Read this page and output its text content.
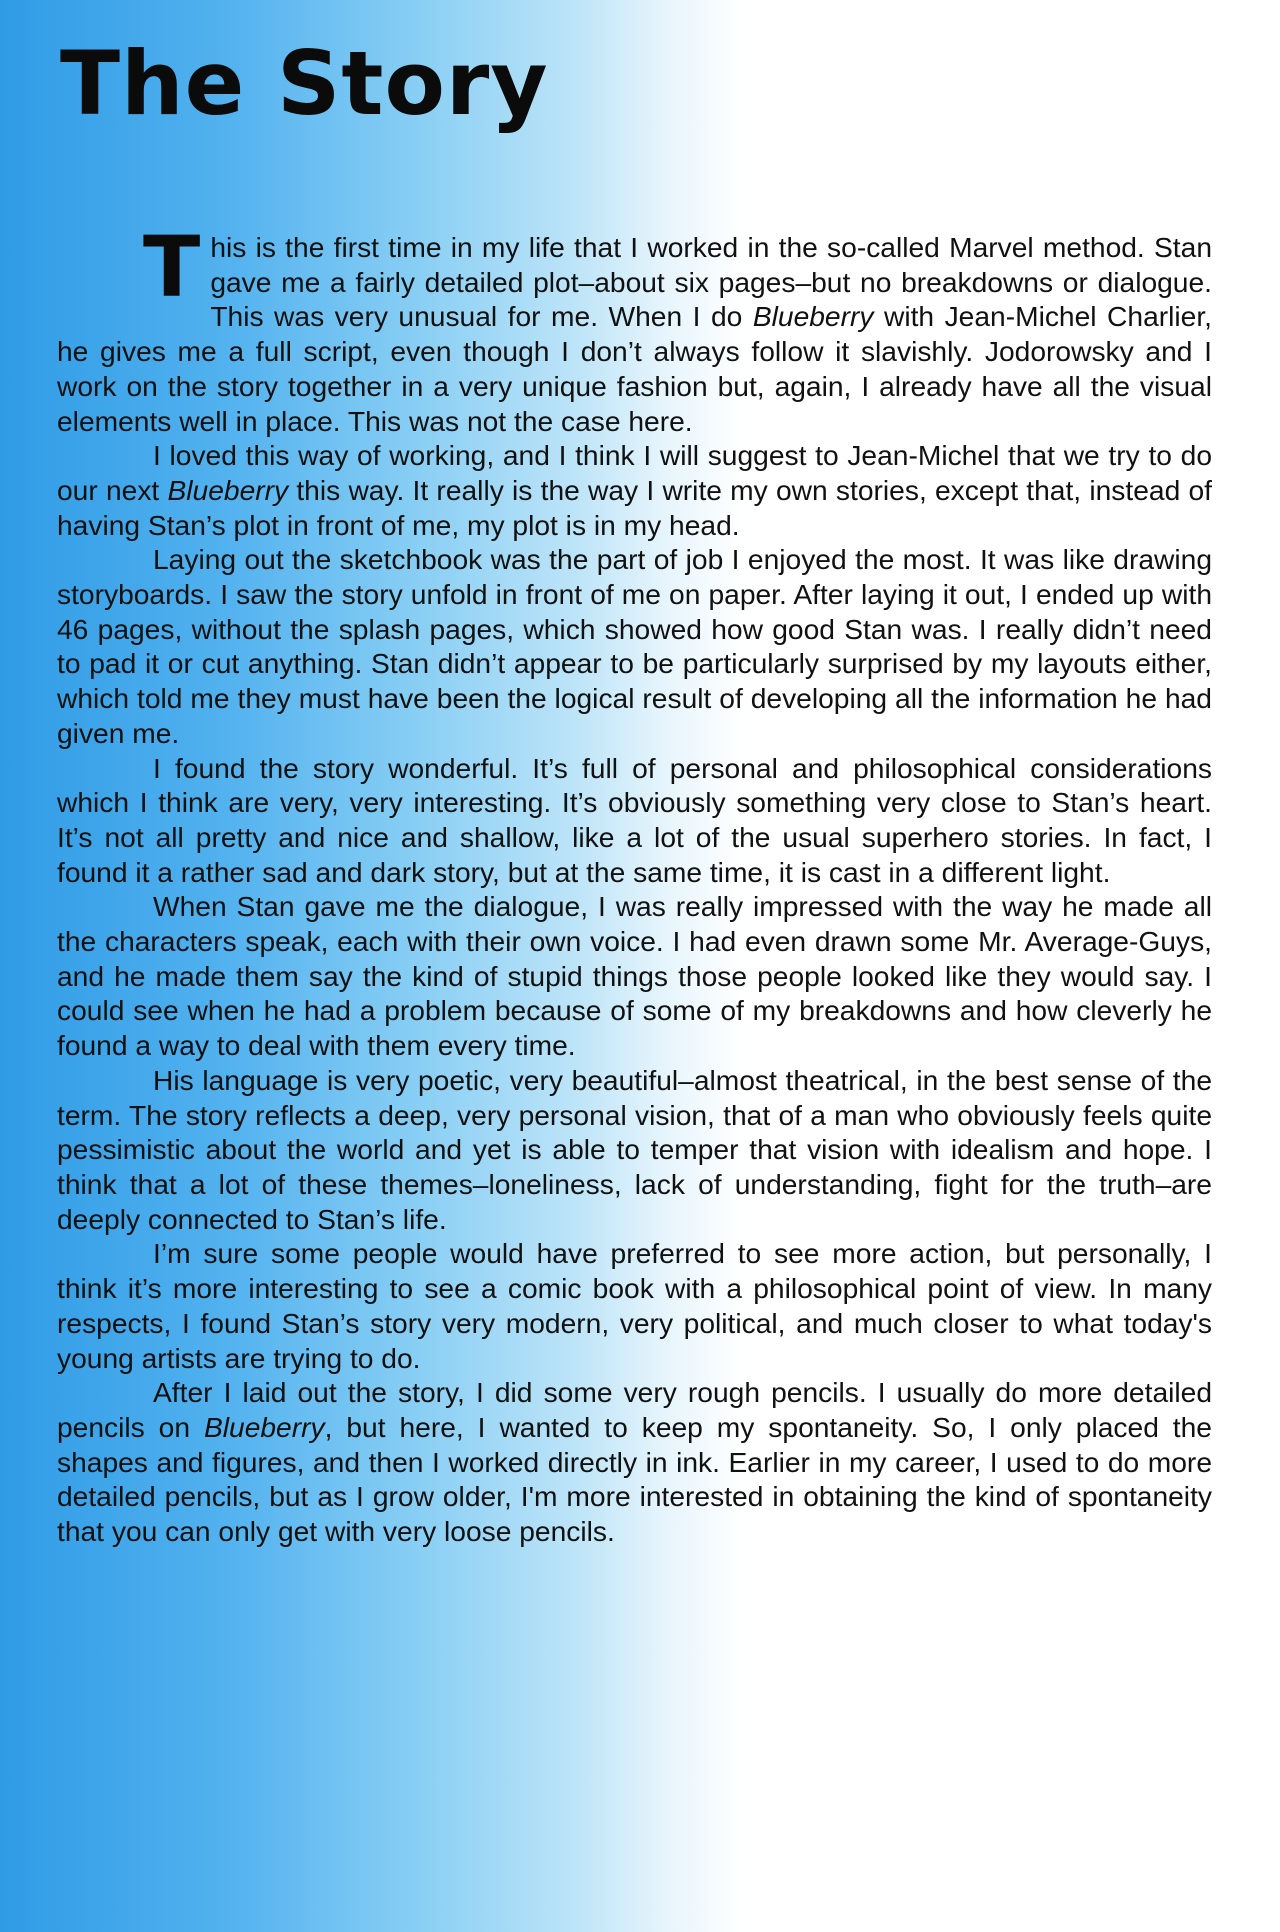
The Story

This is the first time in my life that I worked in the so-called Marvel method. Stan gave me a fairly detailed plot–about six pages–but no breakdowns or dialogue. This was very unusual for me. When I do Blueberry with Jean-Michel Charlier, he gives me a full script, even though I don’t always follow it slavishly. Jodorowsky and I work on the story together in a very unique fashion but, again, I already have all the visual elements well in place. This was not the case here.

I loved this way of working, and I think I will suggest to Jean-Michel that we try to do our next Blueberry this way. It really is the way I write my own stories, except that, instead of having Stan’s plot in front of me, my plot is in my head.

Laying out the sketchbook was the part of job I enjoyed the most. It was like drawing storyboards. I saw the story unfold in front of me on paper. After laying it out, I ended up with 46 pages, without the splash pages, which showed how good Stan was. I really didn’t need to pad it or cut anything. Stan didn’t appear to be particularly surprised by my layouts either, which told me they must have been the logical result of developing all the information he had given me.

I found the story wonderful. It’s full of personal and philosophical considerations which I think are very, very interesting. It’s obviously something very close to Stan’s heart. It’s not all pretty and nice and shallow, like a lot of the usual superhero stories. In fact, I found it a rather sad and dark story, but at the same time, it is cast in a different light.

When Stan gave me the dialogue, I was really impressed with the way he made all the characters speak, each with their own voice. I had even drawn some Mr. Average-Guys, and he made them say the kind of stupid things those people looked like they would say. I could see when he had a problem because of some of my breakdowns and how cleverly he found a way to deal with them every time.

His language is very poetic, very beautiful–almost theatrical, in the best sense of the term. The story reflects a deep, very personal vision, that of a man who obviously feels quite pessimistic about the world and yet is able to temper that vision with idealism and hope. I think that a lot of these themes–loneliness, lack of understanding, fight for the truth–are deeply connected to Stan’s life.

I’m sure some people would have preferred to see more action, but personally, I think it’s more interesting to see a comic book with a philosophical point of view. In many respects, I found Stan’s story very modern, very political, and much closer to what today's young artists are trying to do.

After I laid out the story, I did some very rough pencils. I usually do more detailed pencils on Blueberry, but here, I wanted to keep my spontaneity. So, I only placed the shapes and figures, and then I worked directly in ink. Earlier in my career, I used to do more detailed pencils, but as I grow older, I'm more interested in obtaining the kind of spontaneity that you can only get with very loose pencils.
